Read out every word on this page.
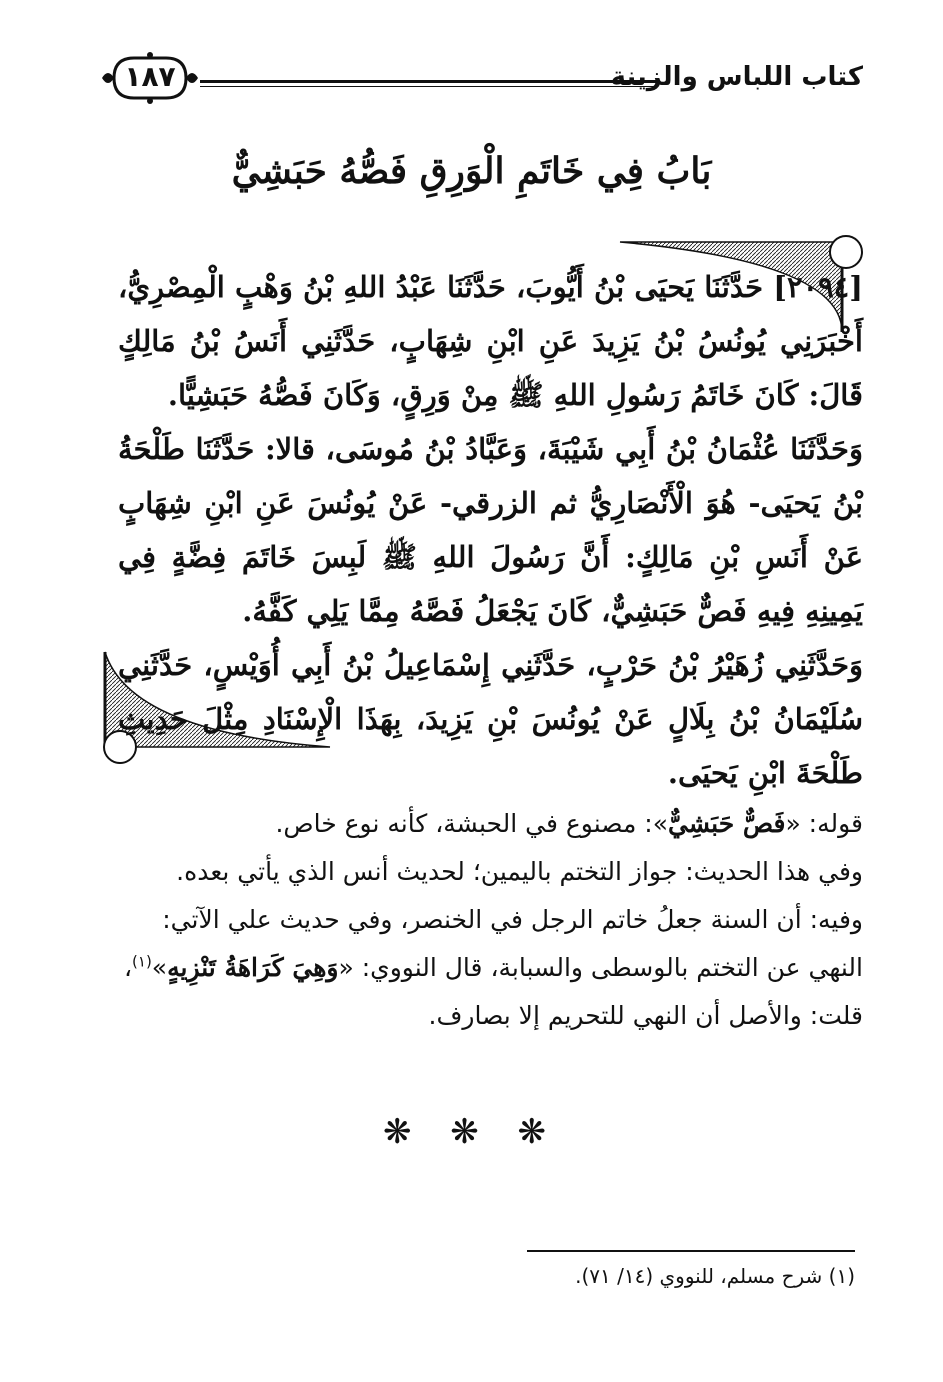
كتاب اللباس والزينة
١٨٧
بَابُ فِي خَاتَمِ الْوَرِقِ فَصُّهُ حَبَشِيٌّ

[٢٠٩٤] حَدَّثَنَا يَحيَى بْنُ أَيُّوبَ، حَدَّثَنَا عَبْدُ اللهِ بْنُ وَهْبٍ الْمِصْرِيُّ، أَخْبَرَنِي يُونُسُ بْنُ يَزِيدَ عَنِ ابْنِ شِهَابٍ، حَدَّثَنِي أَنَسُ بْنُ مَالِكٍ قَالَ: كَانَ خَاتَمُ رَسُولِ اللهِ ﷺ مِنْ وَرِقٍ، وَكَانَ فَصُّهُ حَبَشِيًّا.

وَحَدَّثَنَا عُثْمَانُ بْنُ أَبِي شَيْبَةَ، وَعَبَّادُ بْنُ مُوسَى، قالا: حَدَّثَنَا طَلْحَةُ بْنُ يَحيَى- هُوَ الْأَنْصَارِيُّ ثم الزرقي- عَنْ يُونُسَ عَنِ ابْنِ شِهَابٍ عَنْ أَنَسِ بْنِ مَالِكٍ: أَنَّ رَسُولَ اللهِ ﷺ لَبِسَ خَاتَمَ فِضَّةٍ فِي يَمِينِهِ فِيهِ فَصٌّ حَبَشِيٌّ، كَانَ يَجْعَلُ فَصَّهُ مِمَّا يَلِي كَفَّهُ.

وَحَدَّثَنِي زُهَيْرُ بْنُ حَرْبٍ، حَدَّثَنِي إِسْمَاعِيلُ بْنُ أَبِي أُوَيْسٍ، حَدَّثَنِي سُلَيْمَانُ بْنُ بِلَالٍ عَنْ يُونُسَ بْنِ يَزِيدَ، بِهَذَا الْإِسْنَادِ مِثْلَ حَدِيثِ طَلْحَةَ ابْنِ يَحيَى.

قوله: «فَصٌّ حَبَشِيٌّ»: مصنوع في الحبشة، كأنه نوع خاص.

وفي هذا الحديث: جواز التختم باليمين؛ لحديث أنس الذي يأتي بعده.

وفيه: أن السنة جعلُ خاتم الرجل في الخنصر، وفي حديث علي الآتي:

النهي عن التختم بالوسطى والسبابة، قال النووي: «وَهِيَ كَرَاهَةُ تَنْزِيهٍ»$^{(١)}$،

قلت: والأصل أن النهي للتحريم إلا بصارف.

❋ ❋ ❋
(١) شرح مسلم، للنووي (١٤/ ٧١).
